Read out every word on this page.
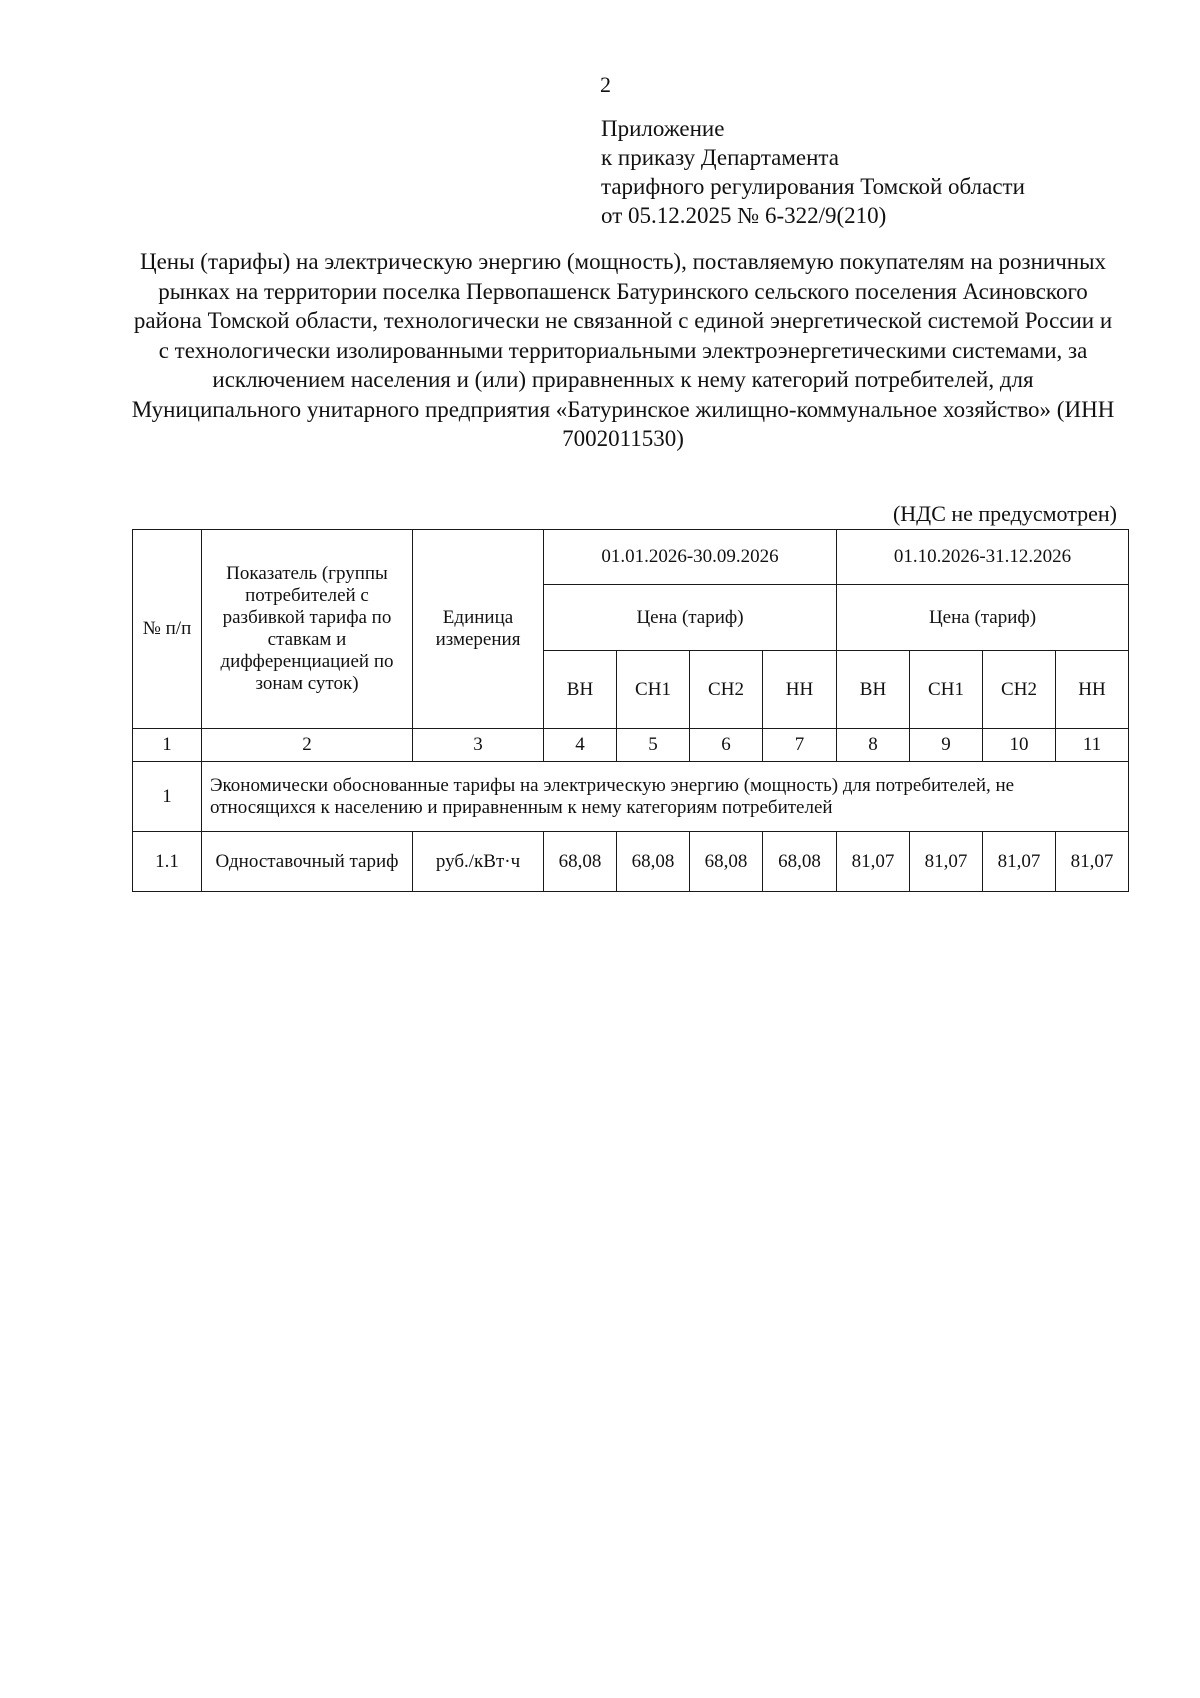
2
Приложение
к приказу Департамента
тарифного регулирования Томской области
от 05.12.2025 № 6-322/9(210)
Цены (тарифы) на электрическую энергию (мощность), поставляемую покупателям на розничных рынках на территории поселка Первопашенск Батуринского сельского поселения Асиновского района Томской области, технологически не связанной с единой энергетической системой России и с технологически изолированными территориальными электроэнергетическими системами, за исключением населения и (или) приравненных к нему категорий потребителей, для Муниципального унитарного предприятия «Батуринское жилищно-коммунальное хозяйство» (ИНН 7002011530)
(НДС не предусмотрен)
№ п/п	Показатель (группы потребителей с разбивкой тарифа по ставкам и дифференциацией по зонам суток)	Единица измерения	01.01.2026-30.09.2026				01.10.2026-31.12.2026			
			Цена (тариф)				Цена (тариф)			
			ВН	СН1	СН2	НН	ВН	СН1	СН2	НН
1	2	3	4	5	6	7	8	9	10	11
1	Экономически обоснованные тарифы на электрическую энергию (мощность) для потребителей, не относящихся к населению и приравненным к нему категориям потребителей									
1.1	Одноставочный тариф	руб./кВт·ч	68,08	68,08	68,08	68,08	81,07	81,07	81,07	81,07
